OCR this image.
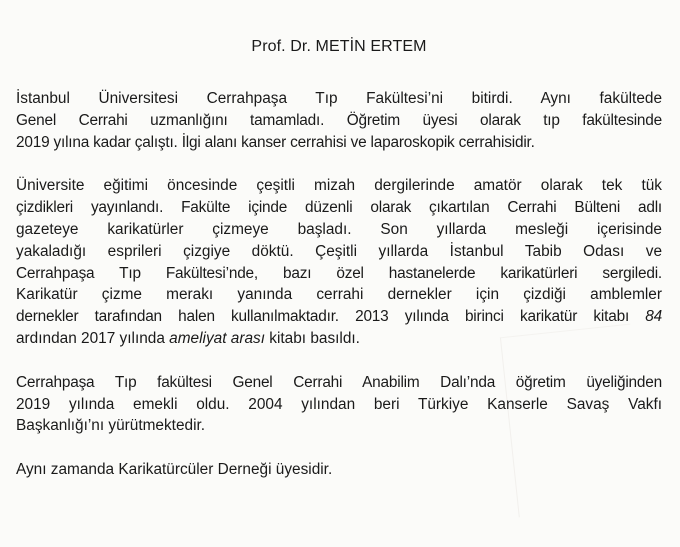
Prof. Dr. METİN ERTEM
İstanbul Üniversitesi Cerrahpaşa Tıp Fakültesi’ni bitirdi. Aynı fakültede
Genel Cerrahi uzmanlığını tamamladı. Öğretim üyesi olarak tıp fakültesinde
2019 yılına kadar çalıştı. İlgi alanı kanser cerrahisi ve laparoskopik cerrahisidir.
Üniversite eğitimi öncesinde çeşitli mizah dergilerinde amatör olarak tek tük
çizdikleri yayınlandı. Fakülte içinde düzenli olarak çıkartılan Cerrahi Bülteni adlı
gazeteye karikatürler çizmeye başladı. Son yıllarda mesleği içerisinde
yakaladığı esprileri çizgiye döktü. Çeşitli yıllarda İstanbul Tabib Odası ve
Cerrahpaşa Tıp Fakültesi’nde, bazı özel hastanelerde karikatürleri sergiledi.
Karikatür çizme merakı yanında cerrahi dernekler için çizdiği amblemler
dernekler tarafından halen kullanılmaktadır. 2013 yılında birinci karikatür kitabı 84
ardından 2017 yılında ameliyat arası kitabı basıldı.
Cerrahpaşa Tıp fakültesi Genel Cerrahi Anabilim Dalı’nda öğretim üyeliğinden
2019 yılında emekli oldu. 2004 yılından beri Türkiye Kanserle Savaş Vakfı
Başkanlığı’nı yürütmektedir.
Aynı zamanda Karikatürcüler Derneği üyesidir.
